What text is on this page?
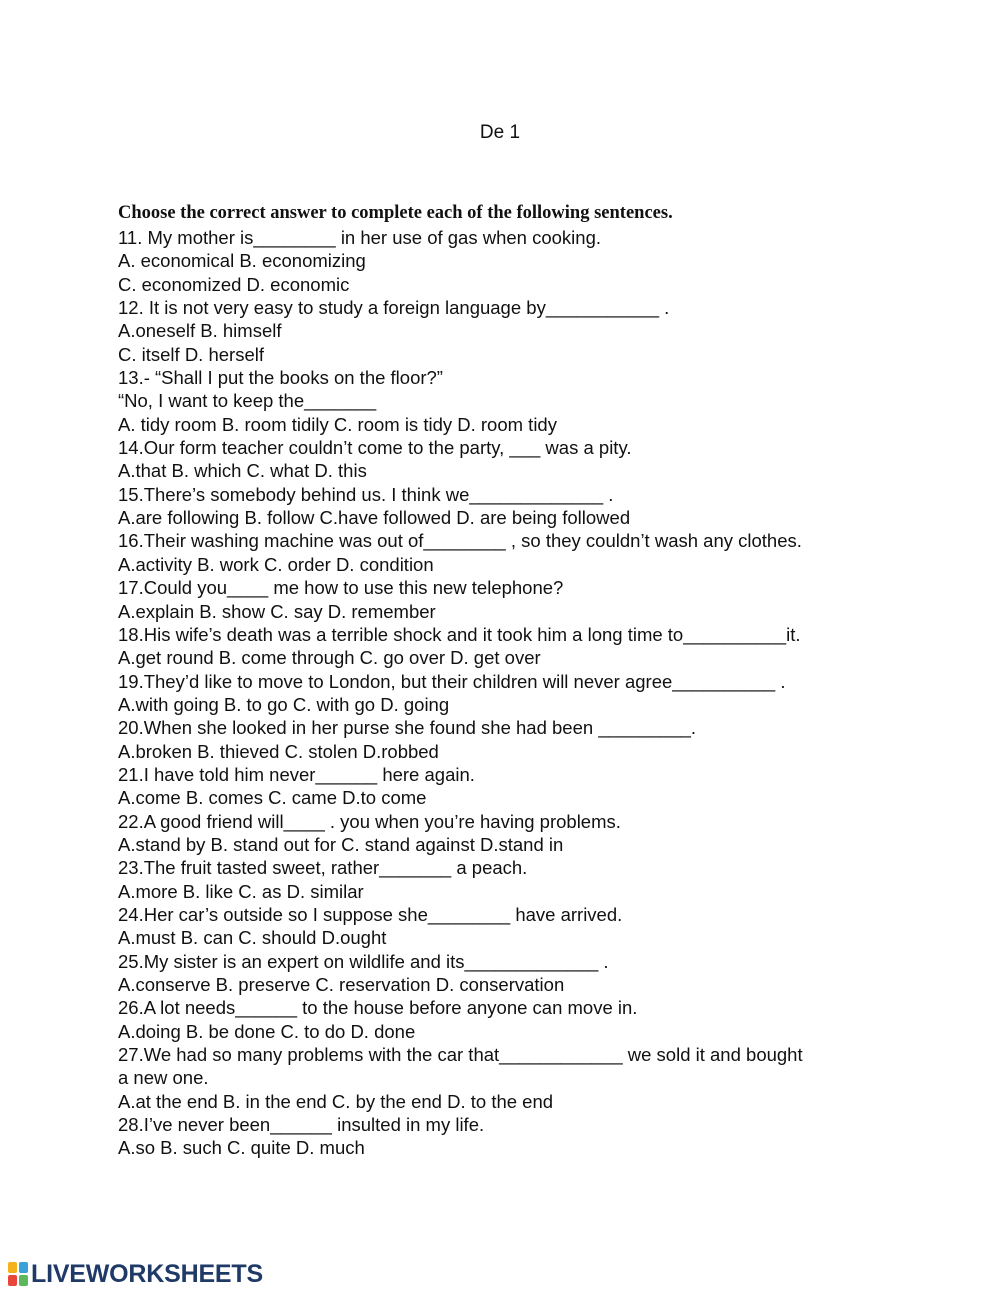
De 1
Choose the correct answer to complete each of the following sentences.
11. My mother is________ in her use of gas when cooking.
A. economical B. economizing
C. economized D. economic
12. It is not very easy to study a foreign language by___________ .
A.oneself B. himself
C. itself D. herself
13.- “Shall I put the books on the floor?”
“No, I want to keep the_______
A. tidy room B. room tidily C. room is tidy D. room tidy
14.Our form teacher couldn’t come to the party, ___ was a pity.
A.that B. which C. what D. this
15.There’s somebody behind us. I think we_____________ .
A.are following B. follow C.have followed D. are being followed
16.Their washing machine was out of________ , so they couldn’t wash any clothes.
A.activity B. work C. order D. condition
17.Could you____ me how to use this new telephone?
A.explain B. show C. say D. remember
18.His wife’s death was a terrible shock and it took him a long time to__________it.
A.get round B. come through C. go over D. get over
19.They’d like to move to London, but their children will never agree__________ .
A.with going B. to go C. with go D. going
20.When she looked in her purse she found she had been _________.
A.broken B. thieved C. stolen D.robbed
21.I have told him never______ here again.
A.come B. comes C. came D.to come
22.A good friend will____ . you when you’re having problems.
A.stand by B. stand out for C. stand against D.stand in
23.The fruit tasted sweet, rather_______ a peach.
A.more B. like C. as D. similar
24.Her car’s outside so I suppose she________ have arrived.
A.must B. can C. should D.ought
25.My sister is an expert on wildlife and its_____________ .
A.conserve B. preserve C. reservation D. conservation
26.A lot needs______ to the house before anyone can move in.
A.doing B. be done C. to do D. done
27.We had so many problems with the car that____________ we sold it and bought
a new one.
A.at the end B. in the end C. by the end D. to the end
28.I’ve never been______ insulted in my life.
A.so B. such C. quite D. much
LIVEWORKSHEETS
